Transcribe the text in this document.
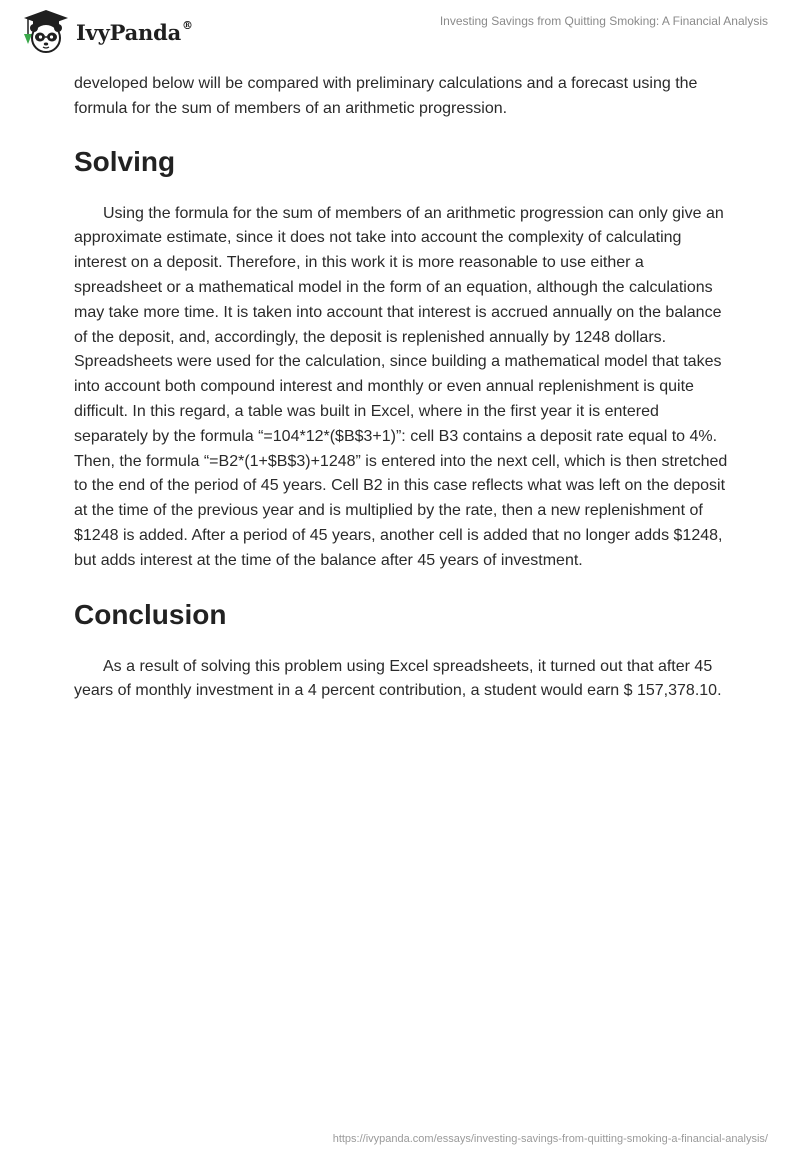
IvyPanda®	Investing Savings from Quitting Smoking: A Financial Analysis

developed below will be compared with preliminary calculations and a forecast using the formula for the sum of members of an arithmetic progression.

Solving

Using the formula for the sum of members of an arithmetic progression can only give an approximate estimate, since it does not take into account the complexity of calculating interest on a deposit. Therefore, in this work it is more reasonable to use either a spreadsheet or a mathematical model in the form of an equation, although the calculations may take more time. It is taken into account that interest is accrued annually on the balance of the deposit, and, accordingly, the deposit is replenished annually by 1248 dollars. Spreadsheets were used for the calculation, since building a mathematical model that takes into account both compound interest and monthly or even annual replenishment is quite difficult. In this regard, a table was built in Excel, where in the first year it is entered separately by the formula “=104*12*($B$3+1)”: cell B3 contains a deposit rate equal to 4%. Then, the formula “=B2*(1+$B$3)+1248” is entered into the next cell, which is then stretched to the end of the period of 45 years. Cell B2 in this case reflects what was left on the deposit at the time of the previous year and is multiplied by the rate, then a new replenishment of $1248 is added. After a period of 45 years, another cell is added that no longer adds $1248, but adds interest at the time of the balance after 45 years of investment.

Conclusion

As a result of solving this problem using Excel spreadsheets, it turned out that after 45 years of monthly investment in a 4 percent contribution, a student would earn $ 157,378.10.

https://ivypanda.com/essays/investing-savings-from-quitting-smoking-a-financial-analysis/
